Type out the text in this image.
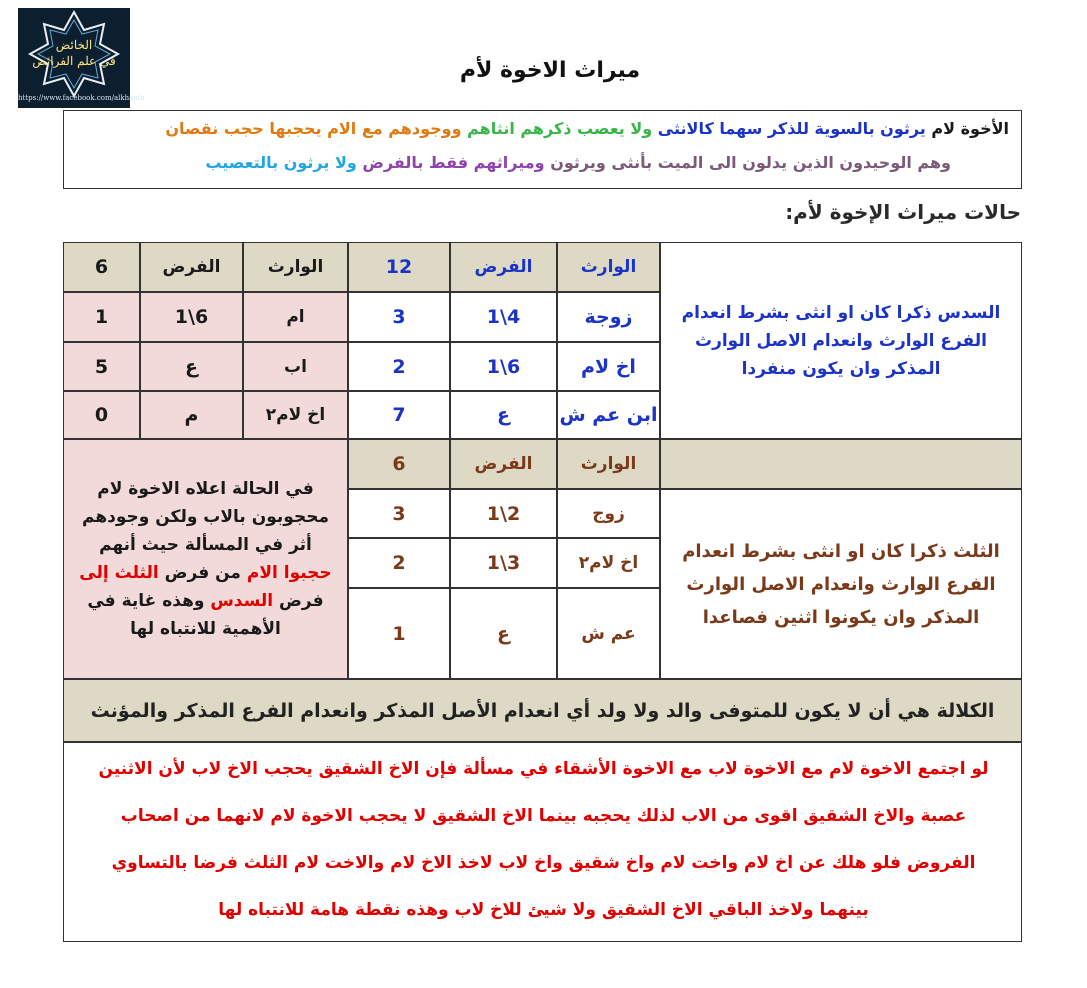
الخائض
في علم الفرائض
https://www.facebook.com/alkhaeth
ميراث الاخوة لأم

الأخوة لام يرثون بالسوية للذكر سهما كالانثى ولا يعصب ذكرهم انثاهم ووجودهم مع الام يحجبها حجب نقصان

وهم الوحيدون الذين يدلون الى الميت بأنثى ويرثون وميراثهم فقط بالفرض ولا يرثون بالتعصيب

حالات ميراث الإخوة لأم:
السدس ذكرا كان او انثى بشرط انعدام الفرع الوارث وانعدام الاصل الوارث المذكر وان يكون منفردا
الوارث
الفرض
12
زوجة
1\4
3
اخ لام
1\6
2
ابن عم ش
ع
7
الوارث
الفرض
6
ام
1\6
1
اب
ع
5
اخ لام٢
م
0
الثلث ذكرا كان او انثى بشرط انعدام الفرع الوارث وانعدام الاصل الوارث المذكر وان يكونوا اثنين فصاعدا
الوارث
الفرض
6
زوج
1\2
3
اخ لام٢
1\3
2
عم ش
ع
1
في الحالة اعلاه الاخوة لام محجوبون بالاب ولكن وجودهم أثر في المسألة حيث أنهم حجبوا الام من فرض الثلث إلى فرض السدس وهذه غاية في الأهمية للانتباه لها
الكلالة هي أن لا يكون للمتوفى والد ولا ولد أي انعدام الأصل المذكر وانعدام الفرع المذكر والمؤنث

لو اجتمع الاخوة لام مع الاخوة لاب مع الاخوة الأشقاء في مسألة فإن الاخ الشقيق يحجب الاخ لاب لأن الاثنين

عصبة والاخ الشقيق اقوى من الاب لذلك يحجبه بينما الاخ الشقيق لا يحجب الاخوة لام لانهما من اصحاب

الفروض فلو هلك عن اخ لام واخت لام واخ شقيق واخ لاب لاخذ الاخ لام والاخت لام الثلث فرضا بالتساوي

بينهما ولاخذ الباقي الاخ الشقيق ولا شيئ للاخ لاب وهذه نقطة هامة للانتباه لها
